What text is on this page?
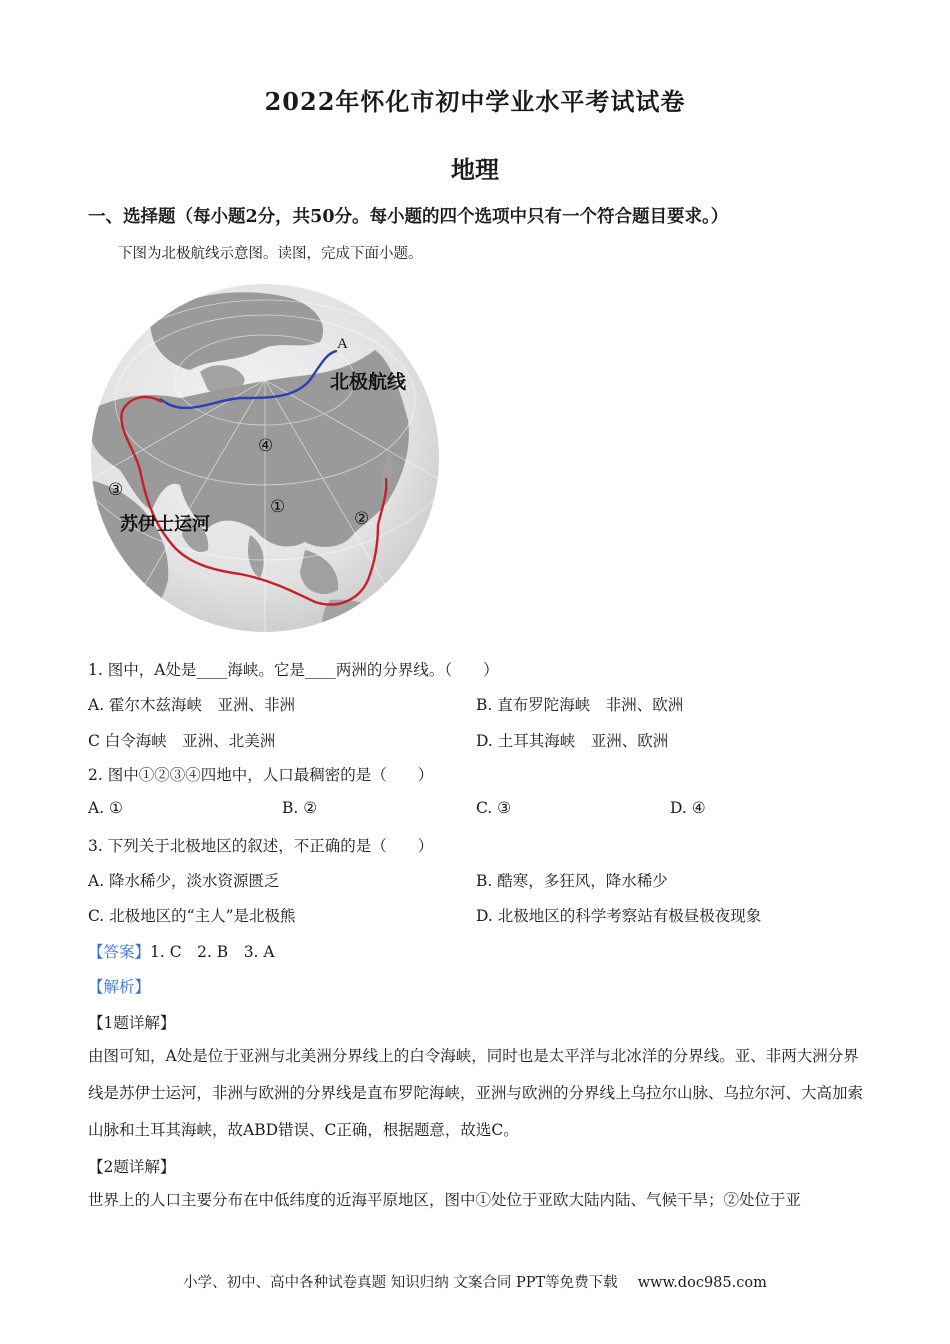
2022年怀化市初中学业水平考试试卷
地理
一、选择题（每小题2分，共50分。每小题的四个选项中只有一个符合题目要求。）
下图为北极航线示意图。读图，完成下面小题。
A
北极航线
苏伊士运河
①
②
③
④
1. 图中，A处是____海峡。它是____两洲的分界线。（　　）
A. 霍尔木兹海峡　亚洲、非洲	B. 直布罗陀海峡　非洲、欧洲
C 白令海峡　亚洲、北美洲	D. 土耳其海峡　亚洲、欧洲
2. 图中①②③④四地中，人口最稠密的是（　　）
A. ①	B. ②	C. ③	D. ④
3. 下列关于北极地区的叙述，不正确的是（　　）
A. 降水稀少，淡水资源匮乏	B. 酷寒，多狂风，降水稀少
C. 北极地区的“主人”是北极熊	D. 北极地区的科学考察站有极昼极夜现象
【答案】1. C　2. B　3. A
【解析】
【1题详解】
由图可知，A处是位于亚洲与北美洲分界线上的白令海峡，同时也是太平洋与北冰洋的分界线。亚、非两大洲分界线是苏伊士运河，非洲与欧洲的分界线是直布罗陀海峡，亚洲与欧洲的分界线上乌拉尔山脉、乌拉尔河、大高加索山脉和土耳其海峡，故ABD错误、C正确，根据题意，故选C。
【2题详解】
世界上的人口主要分布在中低纬度的近海平原地区，图中①处位于亚欧大陆内陆、气候干旱；②处位于亚
小学、初中、高中各种试卷真题 知识归纳 文案合同 PPT等免费下载 www.doc985.com
